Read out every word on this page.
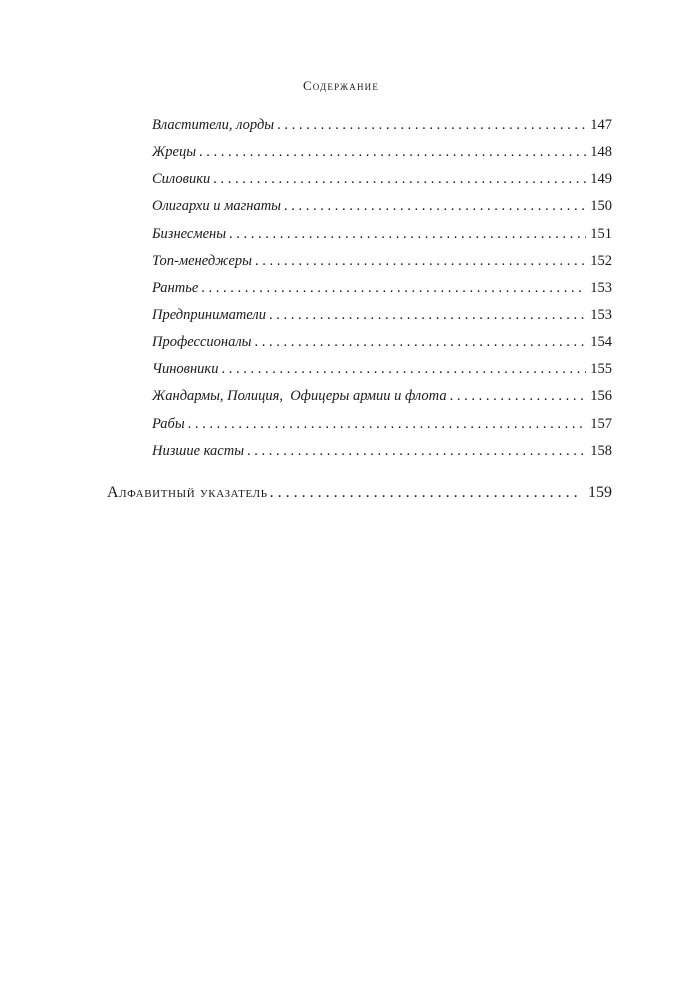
Содержание
Властители, лорды . . .	147
Жрецы . . .	148
Силовики . . .	149
Олигархи и магнаты . . .	150
Бизнесмены . . .	151
Топ-менеджеры . . .	152
Рантье . . .	153
Предприниматели . . .	153
Профессионалы . . .	154
Чиновники . . .	155
Жандармы, Полиция,  Офицеры армии и флота . . .	156
Рабы . . .	157
Низшие касты . . .	158
Алфавитный указатель . . .	159
